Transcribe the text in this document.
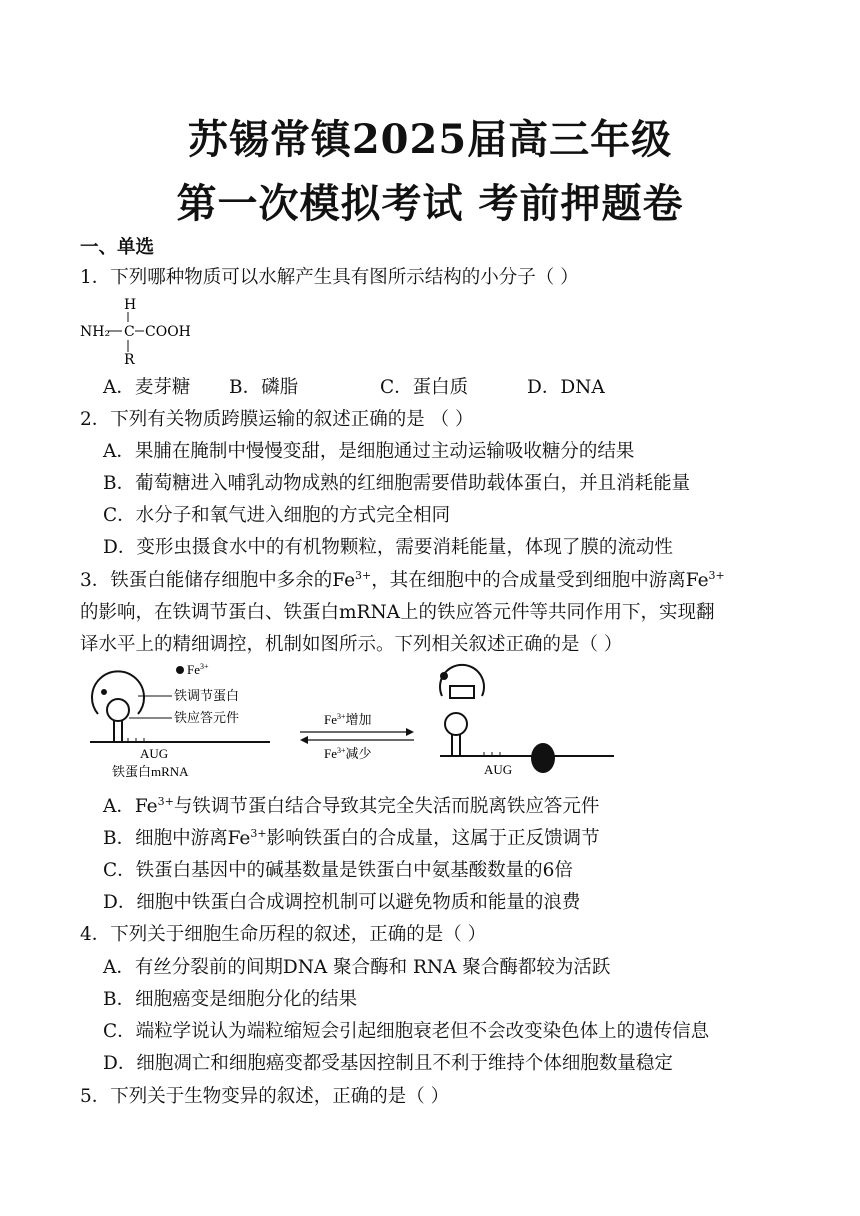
苏锡常镇2025届高三年级
第一次模拟考试 考前押题卷
一、单选
1．下列哪种物质可以水解产生具有图所示结构的小分子（ ）
H
NH₂ C COOH
R
A．麦芽糖 B．磷脂	C．蛋白质	D．DNA
2．下列有关物质跨膜运输的叙述正确的是 （ ）
A．果脯在腌制中慢慢变甜，是细胞通过主动运输吸收糖分的结果
B．葡萄糖进入哺乳动物成熟的红细胞需要借助载体蛋白，并且消耗能量
C．水分子和氧气进入细胞的方式完全相同
D．变形虫摄食水中的有机物颗粒，需要消耗能量，体现了膜的流动性
3．铁蛋白能储存细胞中多余的$Fe^{3+}$，其在细胞中的合成量受到细胞中游离$Fe^{3+}$
的影响，在铁调节蛋白、铁蛋白mRNA上的铁应答元件等共同作用下，实现翻
译水平上的精细调控，机制如图所示。下列相关叙述正确的是（ ）
$Fe^{3+}$
铁调节蛋白
铁应答元件
AUG
铁蛋白mRNA
$Fe^{3+}$增加
$Fe^{3+}$减少
AUG
A．$Fe^{3+}$与铁调节蛋白结合导致其完全失活而脱离铁应答元件
B．细胞中游离$Fe^{3+}$影响铁蛋白的合成量，这属于正反馈调节
C．铁蛋白基因中的碱基数量是铁蛋白中氨基酸数量的6倍
D．细胞中铁蛋白合成调控机制可以避免物质和能量的浪费
4．下列关于细胞生命历程的叙述，正确的是（ ）
A．有丝分裂前的间期DNA 聚合酶和 RNA 聚合酶都较为活跃
B．细胞癌变是细胞分化的结果
C．端粒学说认为端粒缩短会引起细胞衰老但不会改变染色体上的遗传信息
D．细胞凋亡和细胞癌变都受基因控制且不利于维持个体细胞数量稳定
5．下列关于生物变异的叙述，正确的是（ ）
